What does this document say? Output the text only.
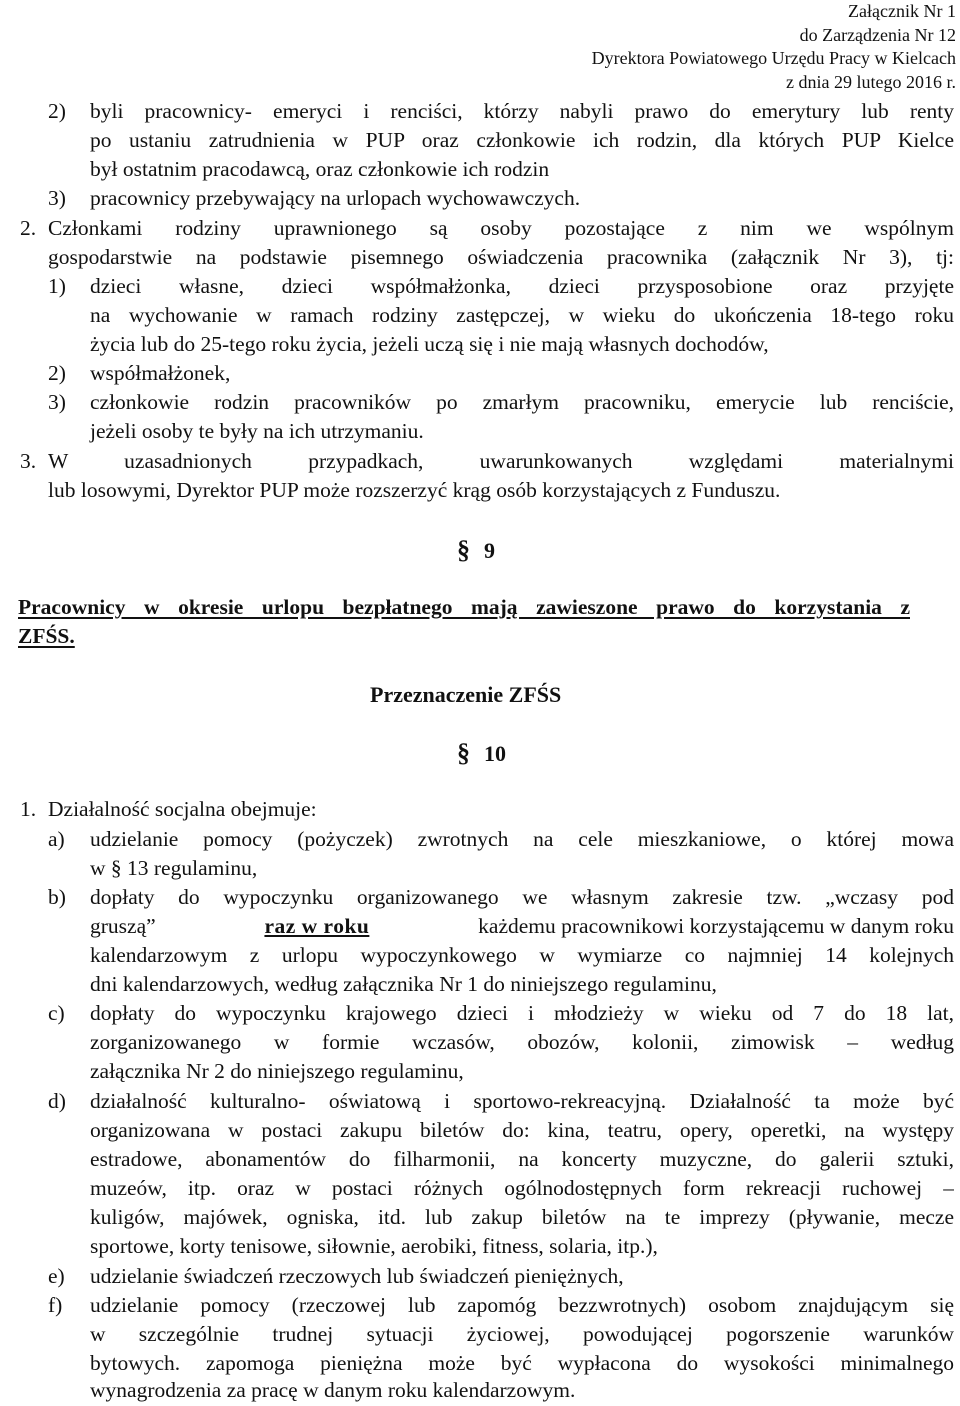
Załącznik Nr 1
do Zarządzenia Nr 12
Dyrektora Powiatowego Urzędu Pracy w Kielcach
z dnia 29 lutego 2016 r.
2) byli pracownicy- emeryci i renciści, którzy nabyli prawo do emerytury lub renty
po ustaniu zatrudnienia w PUP oraz członkowie ich rodzin, dla których PUP Kielce
był ostatnim pracodawcą, oraz członkowie ich rodzin
3) pracownicy przebywający na urlopach wychowawczych.
2. Członkami rodziny uprawnionego są osoby pozostające z nim we wspólnym
gospodarstwie na podstawie pisemnego oświadczenia pracownika (załącznik Nr 3), tj:
1) dzieci własne, dzieci współmałżonka, dzieci przysposobione oraz przyjęte
na wychowanie w ramach rodziny zastępczej, w wieku do ukończenia 18-tego roku
życia lub do 25-tego roku życia, jeżeli uczą się i nie mają własnych dochodów,
2) współmałżonek,
3) członkowie rodzin pracowników po zmarłym pracowniku, emerycie lub renciście,
jeżeli osoby te były na ich utrzymaniu.
3. W uzasadnionych przypadkach, uwarunkowanych względami materialnymi
lub losowymi, Dyrektor PUP może rozszerzyć krąg osób korzystających z Funduszu.
§ 9
Pracownicy w okresie urlopu bezpłatnego mają zawieszone prawo do korzystania z
ZFŚS.
Przeznaczenie ZFŚS
§ 10
1. Działalność socjalna obejmuje:
a) udzielanie pomocy (pożyczek) zwrotnych na cele mieszkaniowe, o której mowa
w § 13 regulaminu,
b) dopłaty do wypoczynku organizowanego we własnym zakresie tzw. „wczasy pod
gruszą”	raz w roku	każdemu pracownikowi korzystającemu w danym roku
kalendarzowym z urlopu wypoczynkowego w wymiarze co najmniej 14 kolejnych
dni kalendarzowych, według załącznika Nr 1 do niniejszego regulaminu,
c) dopłaty do wypoczynku krajowego dzieci i młodzieży w wieku od 7 do 18 lat,
zorganizowanego w formie wczasów, obozów, kolonii, zimowisk – według
załącznika Nr 2 do niniejszego regulaminu,
d) działalność kulturalno- oświatową i sportowo-rekreacyjną. Działalność ta może być
organizowana w postaci zakupu biletów do: kina, teatru, opery, operetki, na występy
estradowe, abonamentów do filharmonii, na koncerty muzyczne, do galerii sztuki,
muzeów, itp. oraz w postaci różnych ogólnodostępnych form rekreacji ruchowej –
kuligów, majówek, ogniska, itd. lub zakup biletów na te imprezy (pływanie, mecze
sportowe, korty tenisowe, siłownie, aerobiki, fitness, solaria, itp.),
e) udzielanie świadczeń rzeczowych lub świadczeń pieniężnych,
f) udzielanie pomocy (rzeczowej lub zapomóg bezzwrotnych) osobom znajdującym się
w szczególnie trudnej sytuacji życiowej, powodującej pogorszenie warunków
bytowych. zapomoga pieniężna może być wypłacona do wysokości minimalnego
wynagrodzenia za pracę w danym roku kalendarzowym.
